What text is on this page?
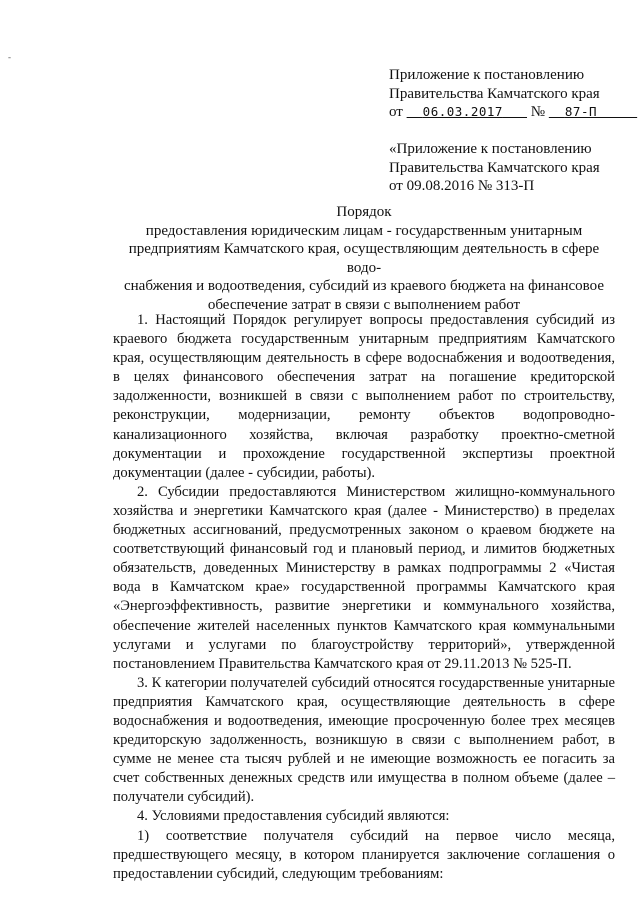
-
Приложение к постановлению
Правительства Камчатского края
от 06.03.2017 № 87-П
«Приложение к постановлению
Правительства Камчатского края
от 09.08.2016 № 313-П
Порядок
предоставления юридическим лицам - государственным унитарным
предприятиям Камчатского края, осуществляющим деятельность в сфере водо-
снабжения и водоотведения, субсидий из краевого бюджета на финансовое
обеспечение затрат в связи с выполнением работ

1. Настоящий Порядок регулирует вопросы предоставления субсидий из краевого бюджета государственным унитарным предприятиям Камчатского края, осуществляющим деятельность в сфере водоснабжения и водоотведения, в целях финансового обеспечения затрат на погашение кредиторской задолженности, возникшей в связи с выполнением работ по строительству, реконструкции, модернизации, ремонту объектов водопроводно-канализационного хозяйства, включая разработку проектно-сметной документации и прохождение государственной экспертизы проектной документации (далее - субсидии, работы).

2. Субсидии предоставляются Министерством жилищно-коммунального хозяйства и энергетики Камчатского края (далее - Министерство) в пределах бюджетных ассигнований, предусмотренных законом о краевом бюджете на соответствующий финансовый год и плановый период, и лимитов бюджетных обязательств, доведенных Министерству в рамках подпрограммы 2 «Чистая вода в Камчатском крае» государственной программы Камчатского края «Энергоэффективность, развитие энергетики и коммунального хозяйства, обеспечение жителей населенных пунктов Камчатского края коммунальными услугами и услугами по благоустройству территорий», утвержденной постановлением Правительства Камчатского края от 29.11.2013 № 525-П.

3. К категории получателей субсидий относятся государственные унитарные предприятия Камчатского края, осуществляющие деятельность в сфере водоснабжения и водоотведения, имеющие просроченную более трех месяцев кредиторскую задолженность, возникшую в связи с выполнением работ, в сумме не менее ста тысяч рублей и не имеющие возможность ее погасить за счет собственных денежных средств или имущества в полном объеме (далее – получатели субсидий).

4. Условиями предоставления субсидий являются:

1) соответствие получателя субсидий на первое число месяца, предшествующего месяцу, в котором планируется заключение соглашения о предоставлении субсидий, следующим требованиям:
